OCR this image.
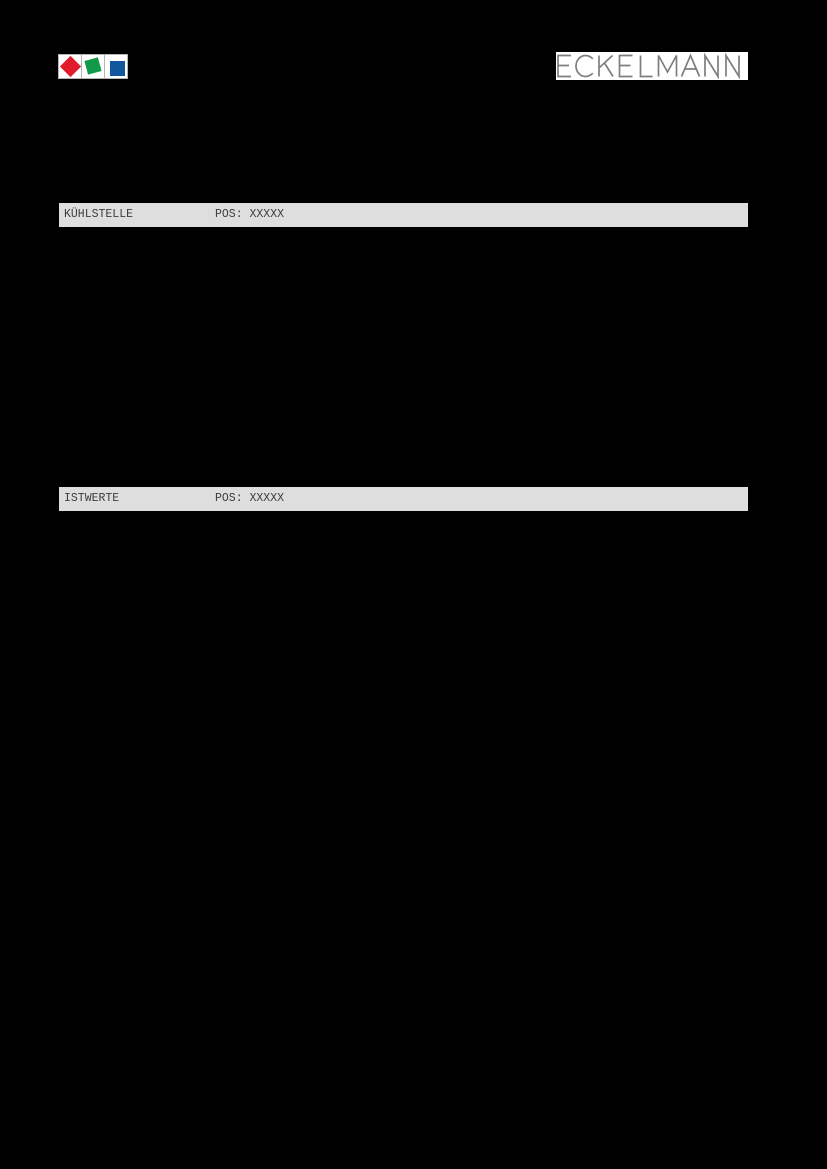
KÜHLSTELLE

	POS: XXXXX

ISTWERTE

	POS: XXXXX
